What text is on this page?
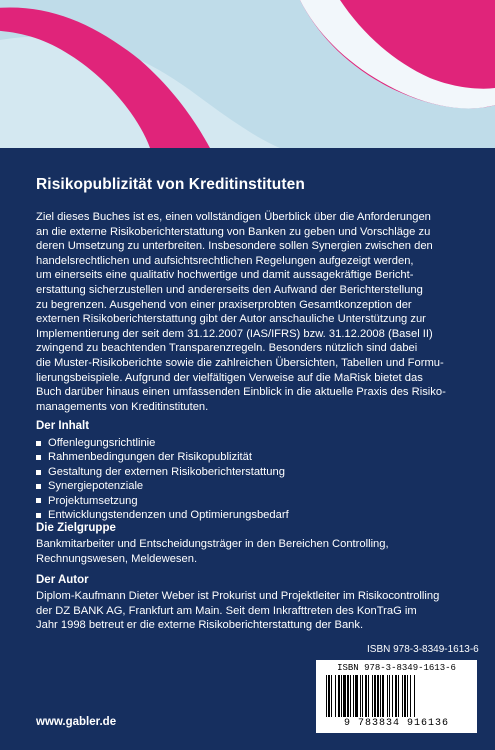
Risikopublizität von Kreditinstituten
Ziel dieses Buches ist es, einen vollständigen Überblick über die Anforderungen
an die externe Risikoberichterstattung von Banken zu geben und Vorschläge zu
deren Umsetzung zu unterbreiten. Insbesondere sollen Synergien zwischen den
handelsrechtlichen und aufsichtsrechtlichen Regelungen aufgezeigt werden,
um einerseits eine qualitativ hochwertige und damit aussagekräftige Bericht-
erstattung sicherzustellen und andererseits den Aufwand der Berichterstellung
zu begrenzen. Ausgehend von einer praxiserprobten Gesamtkonzeption der
externen Risikoberichterstattung gibt der Autor anschauliche Unterstützung zur
Implementierung der seit dem 31.12.2007 (IAS/IFRS) bzw. 31.12.2008 (Basel II)
zwingend zu beachtenden Transparenzregeln. Besonders nützlich sind dabei
die Muster-Risikoberichte sowie die zahlreichen Übersichten, Tabellen und Formu-
lierungsbeispiele. Aufgrund der vielfältigen Verweise auf die MaRisk bietet das
Buch darüber hinaus einen umfassenden Einblick in die aktuelle Praxis des Risiko-
managements von Kreditinstituten.
Der Inhalt
Offenlegungsrichtlinie
Rahmenbedingungen der Risikopublizität
Gestaltung der externen Risikoberichterstattung
Synergiepotenziale
Projektumsetzung
Entwicklungstendenzen und Optimierungsbedarf
Die Zielgruppe
Bankmitarbeiter und Entscheidungsträger in den Bereichen Controlling,
Rechnungswesen, Meldewesen.
Der Autor
Diplom-Kaufmann Dieter Weber ist Prokurist und Projektleiter im Risikocontrolling
der DZ BANK AG, Frankfurt am Main. Seit dem Inkrafttreten des KonTraG im
Jahr 1998 betreut er die externe Risikoberichterstattung der Bank.
ISBN 978-3-8349-1613-6
ISBN 978-3-8349-1613-6
9 783834 916136
www.gabler.de
